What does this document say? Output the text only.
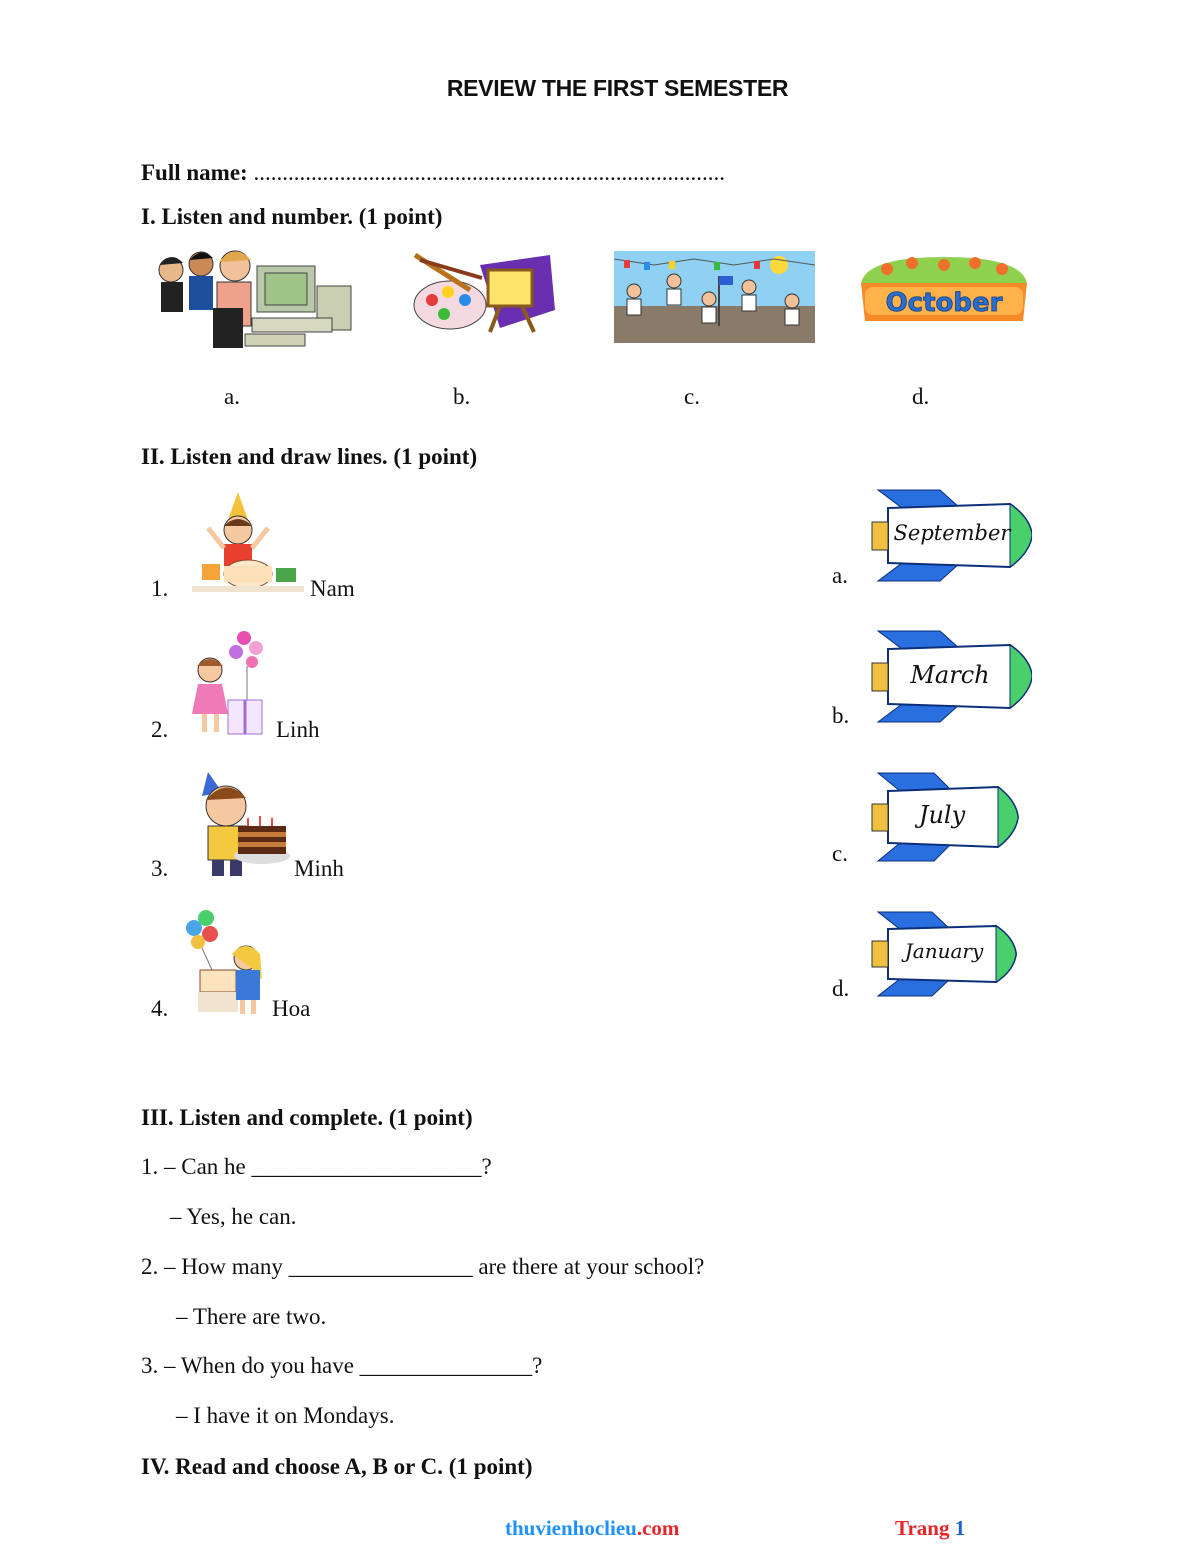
REVIEW THE FIRST SEMESTER
Full name: ..................................................................................
I. Listen and number. (1 point)
October
a.	b.	c.	d.
II. Listen and draw lines. (1 point)
1.	Nam
2.	Linh
3.	Minh
4.	Hoa
a.
b.
c.
d.
September
March
July
January
III. Listen and complete. (1 point)
1. – Can he ____________________?
– Yes, he can.
2. – How many ________________ are there at your school?
– There are two.
3. – When do you have _______________?
– I have it on Mondays.
IV. Read and choose A, B or C. (1 point)
thuvienhoclieu.com	Trang 1
